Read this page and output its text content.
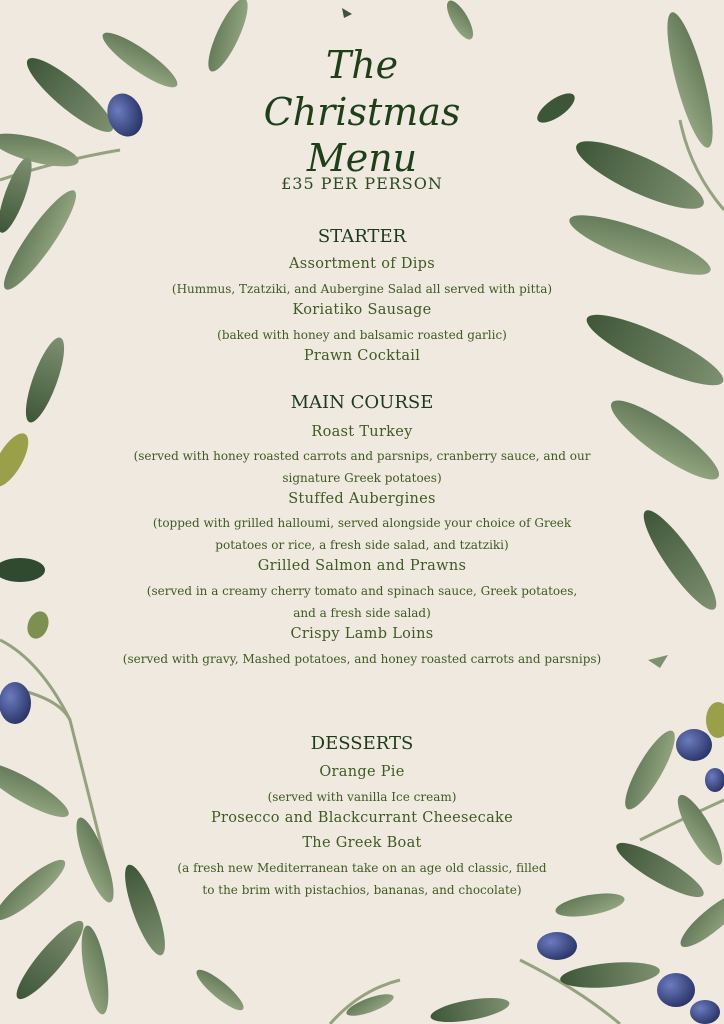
The
Christmas
Menu
£35 PER PERSON
STARTER
Assortment of Dips
(Hummus, Tzatziki, and Aubergine Salad all served with pitta)
Koriatiko Sausage
(baked with honey and balsamic roasted garlic)
Prawn Cocktail
MAIN COURSE
Roast Turkey
(served with honey roasted carrots and parsnips, cranberry sauce, and our signature Greek potatoes)
Stuffed Aubergines
(topped with grilled halloumi, served alongside your choice of Greek potatoes or rice, a fresh side salad, and tzatziki)
Grilled Salmon and Prawns
(served in a creamy cherry tomato and spinach sauce, Greek potatoes, and a fresh side salad)
Crispy Lamb Loins
(served with gravy, Mashed potatoes, and honey roasted carrots and parsnips)
DESSERTS
Orange Pie
(served with vanilla Ice cream)
Prosecco and Blackcurrant Cheesecake
The Greek Boat
(a fresh new Mediterranean take on an age old classic, filled to the brim with pistachios, bananas, and chocolate)
